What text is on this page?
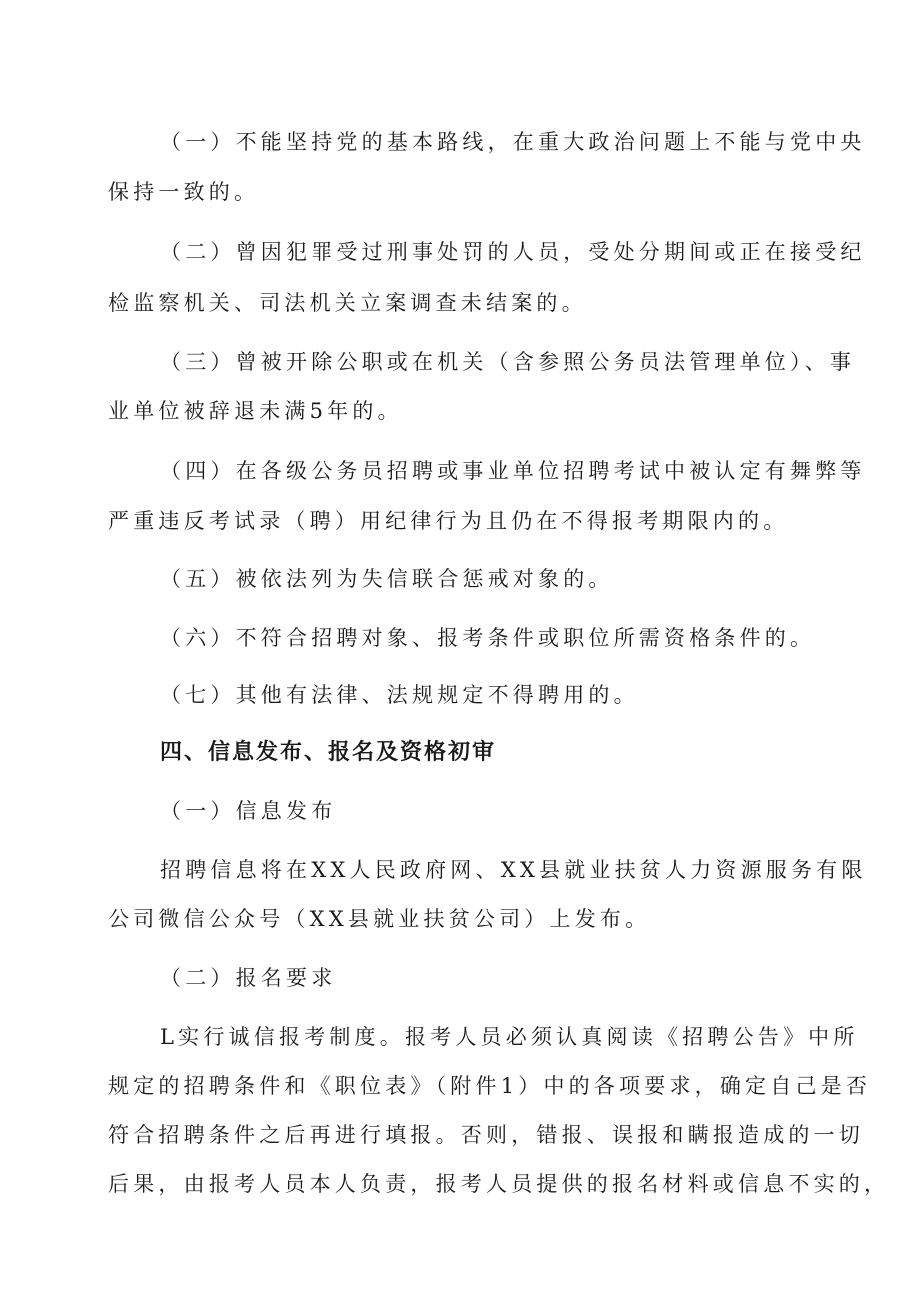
（一）不能坚持党的基本路线，在重大政治问题上不能与党中央
保持一致的。
（二）曾因犯罪受过刑事处罚的人员，受处分期间或正在接受纪
检监察机关、司法机关立案调查未结案的。
（三）曾被开除公职或在机关（含参照公务员法管理单位）、事
业单位被辞退未满5年的。
（四）在各级公务员招聘或事业单位招聘考试中被认定有舞弊等
严重违反考试录（聘）用纪律行为且仍在不得报考期限内的。
（五）被依法列为失信联合惩戒对象的。
（六）不符合招聘对象、报考条件或职位所需资格条件的。
（七）其他有法律、法规规定不得聘用的。
四、信息发布、报名及资格初审
（一）信息发布
招聘信息将在XX人民政府网、XX县就业扶贫人力资源服务有限
公司微信公众号（XX县就业扶贫公司）上发布。
（二）报名要求
L实行诚信报考制度。报考人员必须认真阅读《招聘公告》中所
规定的招聘条件和《职位表》（附件1）中的各项要求，确定自己是否
符合招聘条件之后再进行填报。否则，错报、误报和瞒报造成的一切
后果，由报考人员本人负责，报考人员提供的报名材料或信息不实的，
